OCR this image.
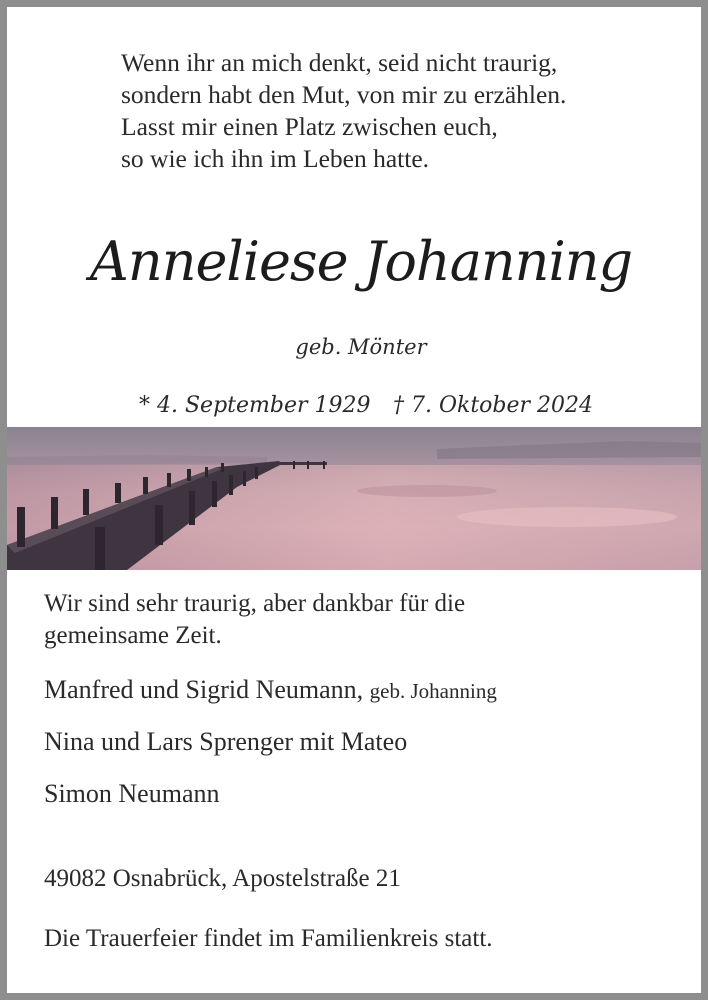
Wenn ihr an mich denkt, seid nicht traurig,
sondern habt den Mut, von mir zu erzählen.
Lasst mir einen Platz zwischen euch,
so wie ich ihn im Leben hatte.
Anneliese Johanning
geb. Mönter
* 4. September 1929 † 7. Oktober 2024
Wir sind sehr traurig, aber dankbar für die
gemeinsame Zeit.
Manfred und Sigrid Neumann, geb. Johanning
Nina und Lars Sprenger mit Mateo
Simon Neumann
49082 Osnabrück, Apostelstraße 21
Die Trauerfeier findet im Familienkreis statt.
